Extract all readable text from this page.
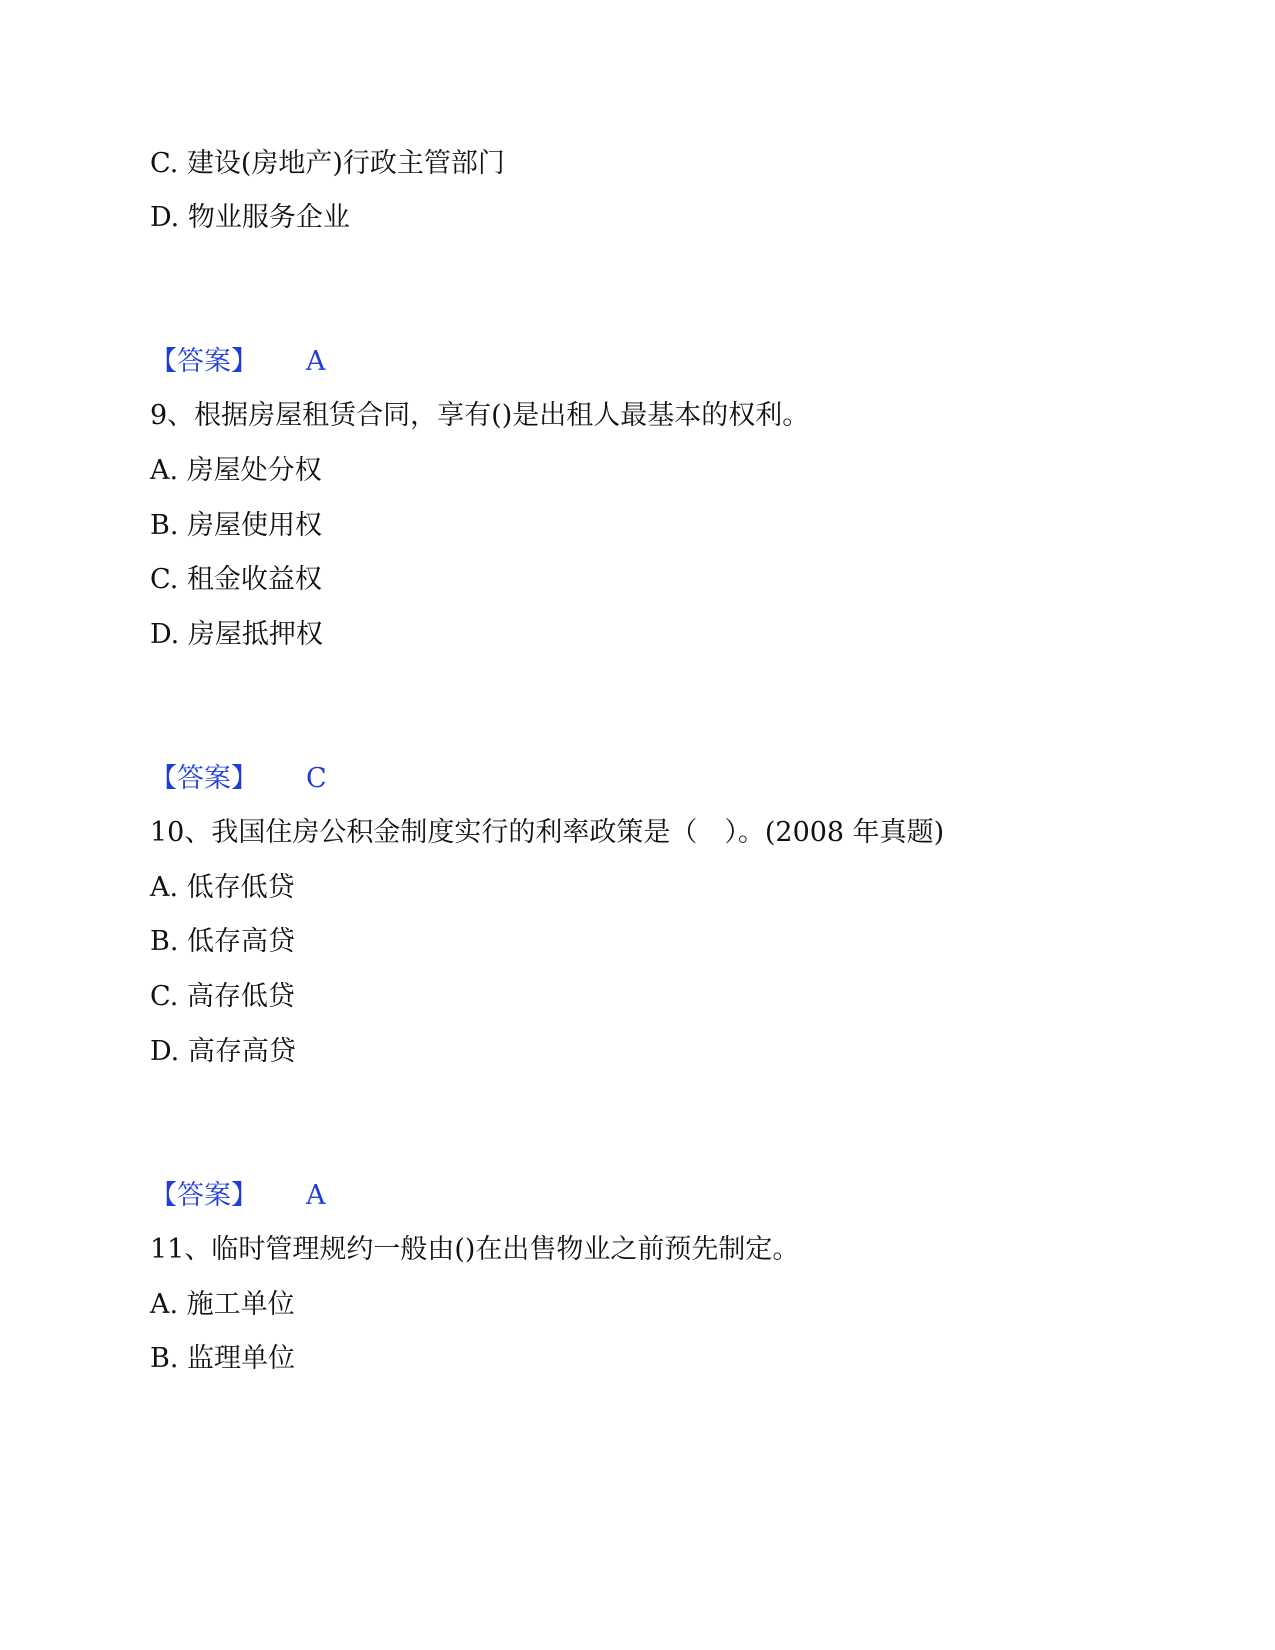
C. 建设(房地产)行政主管部门
D. 物业服务企业
【答案】 A
9、根据房屋租赁合同，享有()是出租人最基本的权利。
A. 房屋处分权
B. 房屋使用权
C. 租金收益权
D. 房屋抵押权
【答案】 C
10、我国住房公积金制度实行的利率政策是（　）。(2008 年真题)
A. 低存低贷
B. 低存高贷
C. 高存低贷
D. 高存高贷
【答案】 A
11、临时管理规约一般由()在出售物业之前预先制定。
A. 施工单位
B. 监理单位
